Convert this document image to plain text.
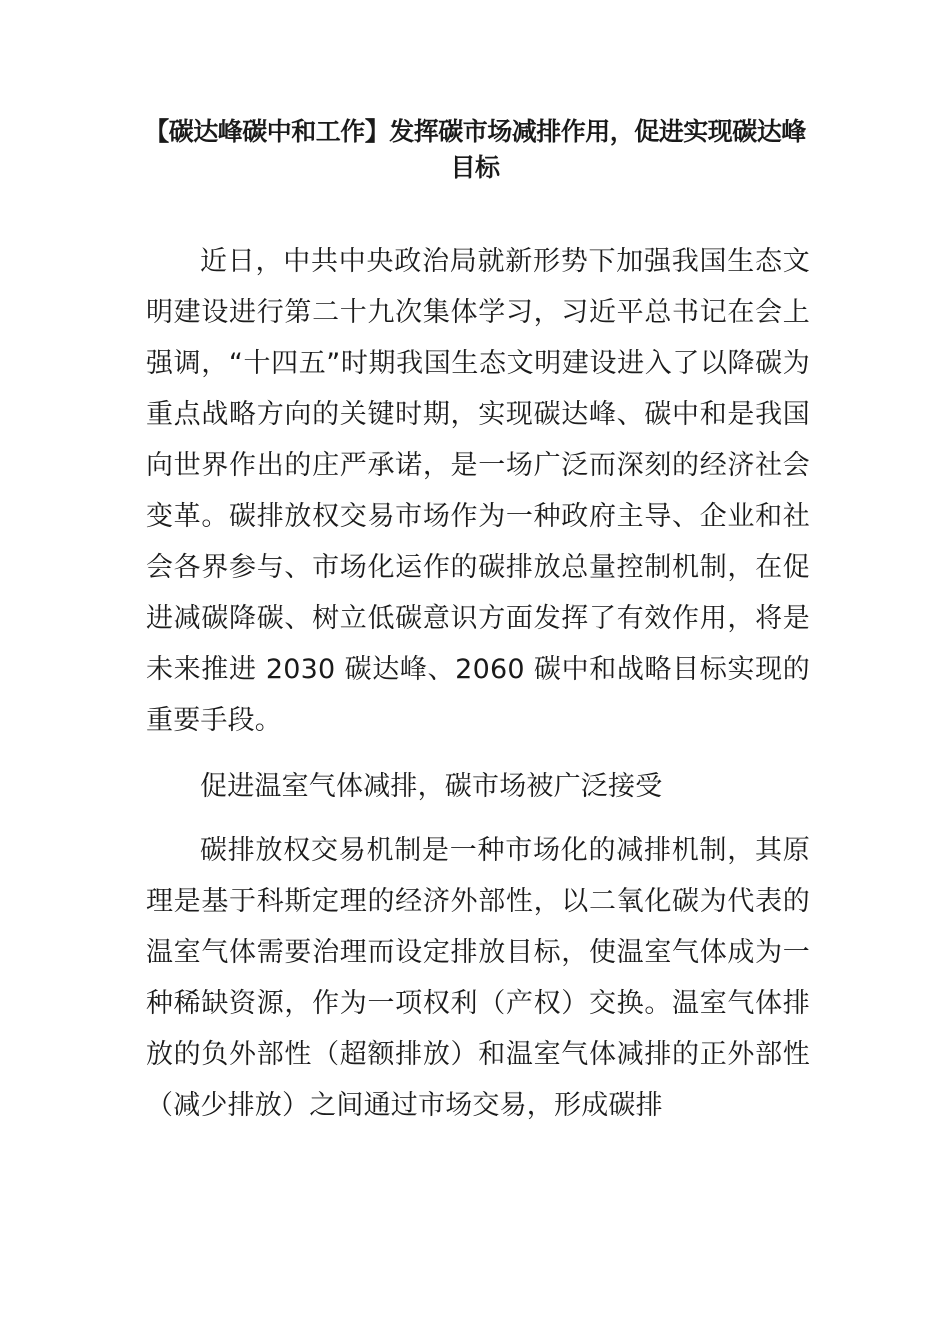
【碳达峰碳中和工作】发挥碳市场减排作用，促进实现碳达峰目标

近日，中共中央政治局就新形势下加强我国生态文明建设进行第二十九次集体学习，习近平总书记在会上强调，“十四五”时期我国生态文明建设进入了以降碳为重点战略方向的关键时期，实现碳达峰、碳中和是我国向世界作出的庄严承诺，是一场广泛而深刻的经济社会变革。碳排放权交易市场作为一种政府主导、企业和社会各界参与、市场化运作的碳排放总量控制机制，在促进减碳降碳、树立低碳意识方面发挥了有效作用，将是未来推进 2030 碳达峰、2060 碳中和战略目标实现的重要手段。

促进温室气体减排，碳市场被广泛接受

碳排放权交易机制是一种市场化的减排机制，其原理是基于科斯定理的经济外部性，以二氧化碳为代表的温室气体需要治理而设定排放目标，使温室气体成为一种稀缺资源，作为一项权利（产权）交换。温室气体排放的负外部性（超额排放）和温室气体减排的正外部性（减少排放）之间通过市场交易，形成碳排
